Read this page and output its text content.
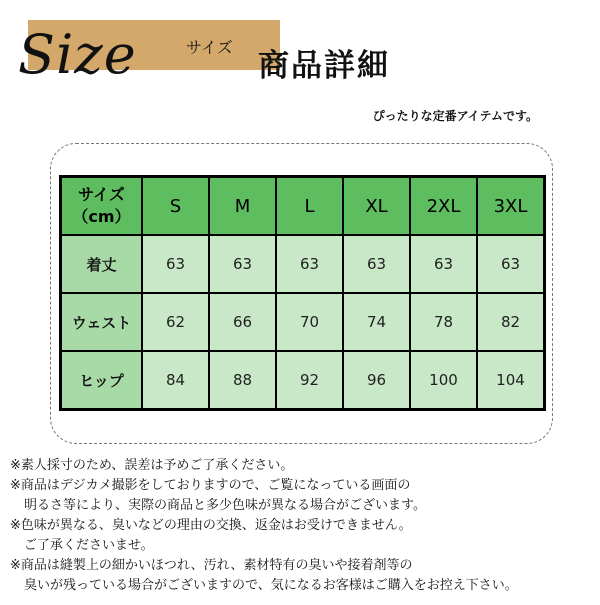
Size	サイズ
商品詳細
ぴったりな定番アイテムです。
サイズ
（cm）	S	M	L	XL	2XL	3XL
着丈	63	63	63	63	63	63
ウェスト	62	66	70	74	78	82
ヒップ	84	88	92	96	100	104
※素人採寸のため、誤差は予めご了承ください。
※商品はデジカメ撮影をしておりますので、ご覧になっている画面の
明るさ等により、実際の商品と多少色味が異なる場合がございます。
※色味が異なる、臭いなどの理由の交換、返金はお受けできません。
ご了承くださいませ。
※商品は縫製上の細かいほつれ、汚れ、素材特有の臭いや接着剤等の
臭いが残っている場合がございますので、気になるお客様はご購入をお控え下さい。
